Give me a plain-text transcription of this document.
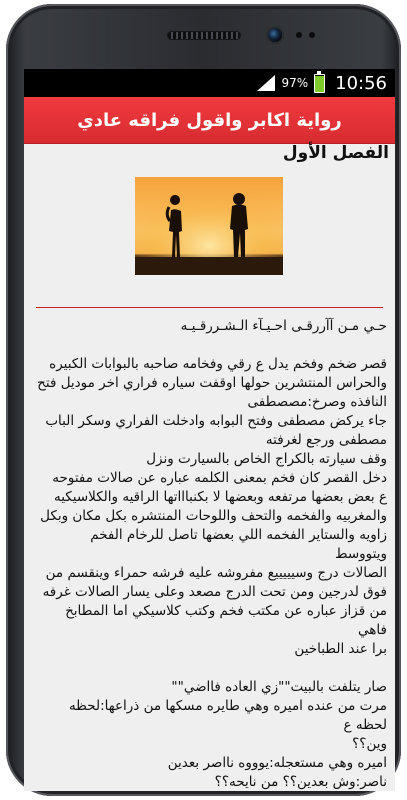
97% 10:56
رواية اكابر واقول فراقه عادي
الفصل الأول

حـي مـن آآررقـى احـيـآء الـشـررقـيـه

قصر ضخم وفخم يدل ع رقي وفخامه صاحبه بالبوابات الكبيره

والحراس المنتشرين حولها اوقفت سياره فراري اخر موديل فتح

النافذه وصرخ:مصصطفى

جاء يركض مصطفى وفتح البوابه وادخلت الفراري وسكر الباب

مصطفى ورجع لغرفته

وقف سيارته بالكراج الخاص بالسيارت ونزل

دخل القصر كان فخم بمعنى الكلمه عباره عن صالات مفتوحه

ع بعض بعضها مرتفعه وبعضها لا بكنباااتها الراقيه والكلاسيكيه

والمغربيه والفخمه والتحف واللوحات المنتشره بكل مكان وبكل

زاويه والستاير الفخمه اللي بعضها تاصل للرخام الفخم ويتووسط

الصالات درج وسيييييع مفروشه عليه فرشه حمراء وينقسم من

فوق لدرجين ومن تحت الدرج مصعد وعلى يسار الصالات غرفه

من قزاز عباره عن مكتب فخم وكتب كلاسيكي اما المطابخ فاهي

برا عند الطباخين

صار يتلفت بالبيت""زي العاده فااضي""

مرت من عنده اميره وهي طايره مسكها من ذراعها:لحظه لحظه ع

وين؟؟

اميره وهي مستعجله:يوووه نااصر بعدين

ناصر:وش بعدين؟؟ من نايحه؟؟
